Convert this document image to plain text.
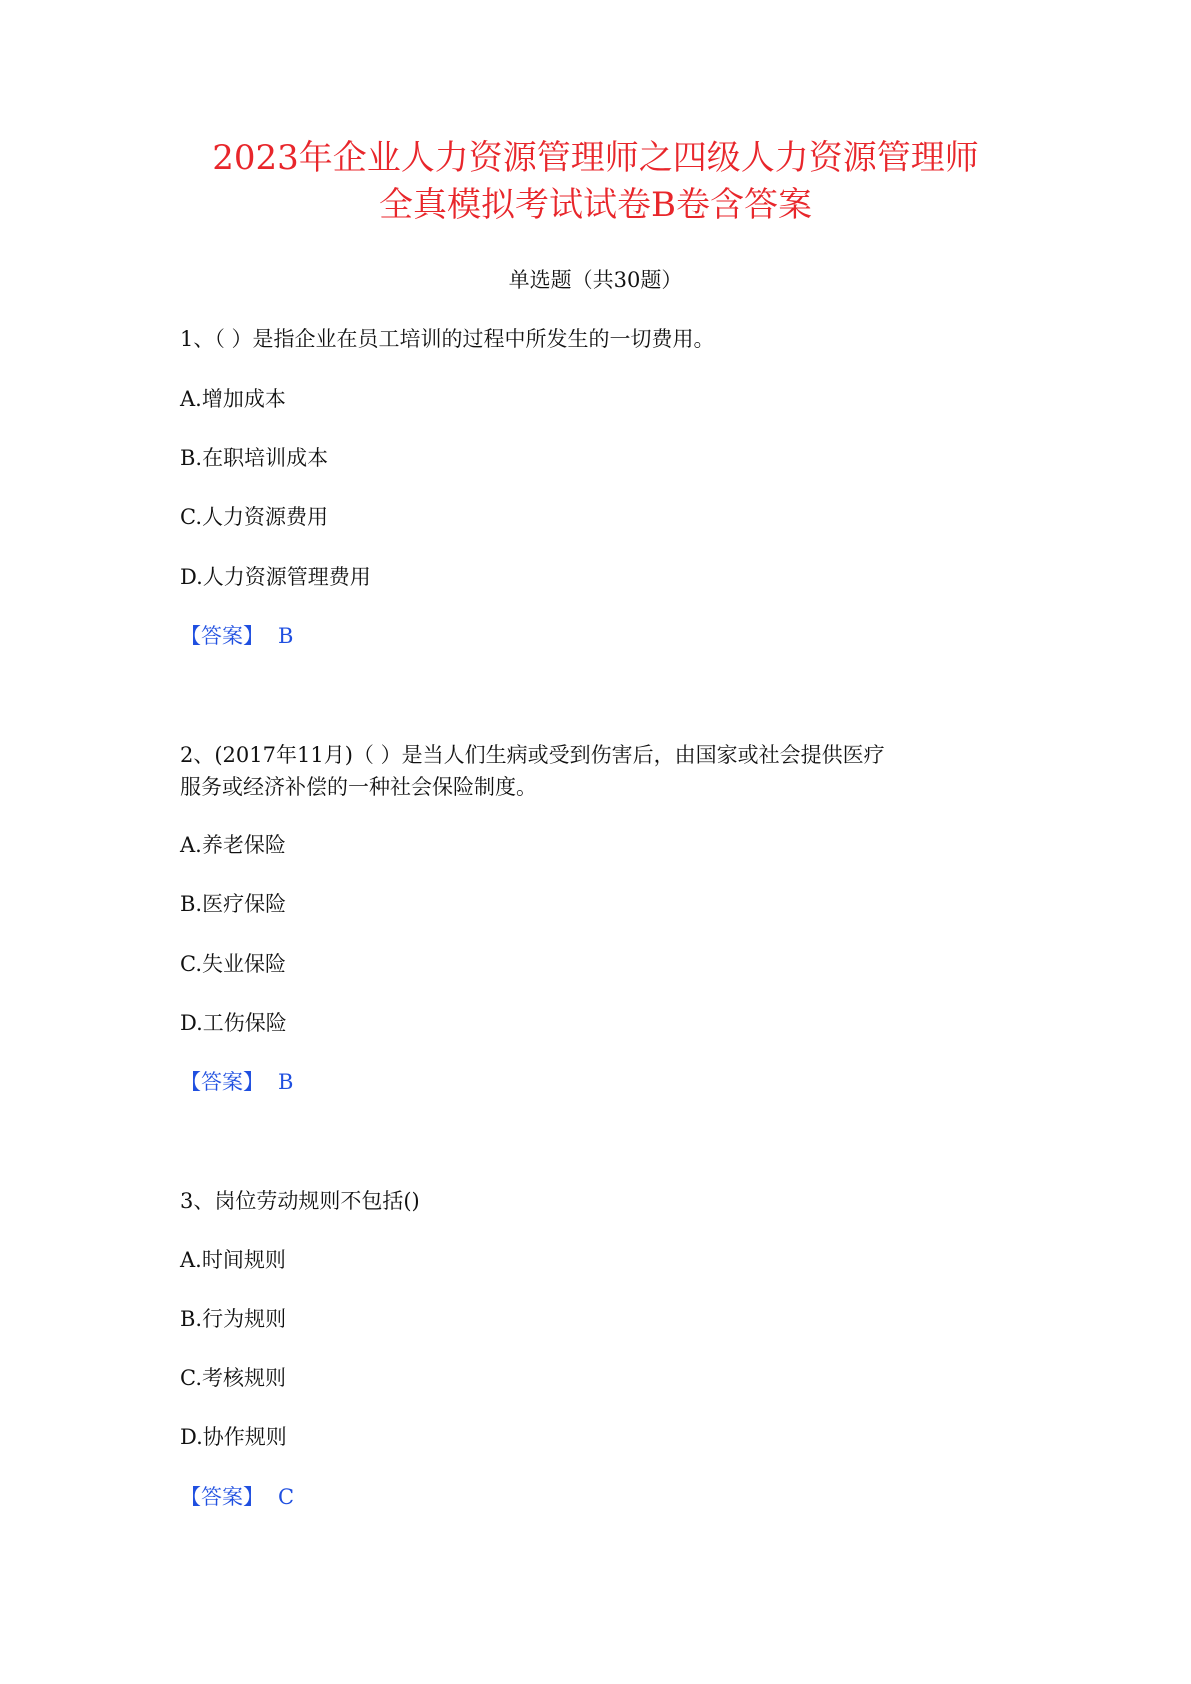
2023年企业人力资源管理师之四级人力资源管理师
全真模拟考试试卷B卷含答案
单选题（共30题）
1、（ ）是指企业在员工培训的过程中所发生的一切费用。
A.增加成本
B.在职培训成本
C.人力资源费用
D.人力资源管理费用
【答案】 B
2、(2017年11月)（ ）是当人们生病或受到伤害后，由国家或社会提供医疗
服务或经济补偿的一种社会保险制度。
A.养老保险
B.医疗保险
C.失业保险
D.工伤保险
【答案】 B
3、岗位劳动规则不包括()
A.时间规则
B.行为规则
C.考核规则
D.协作规则
【答案】 C
